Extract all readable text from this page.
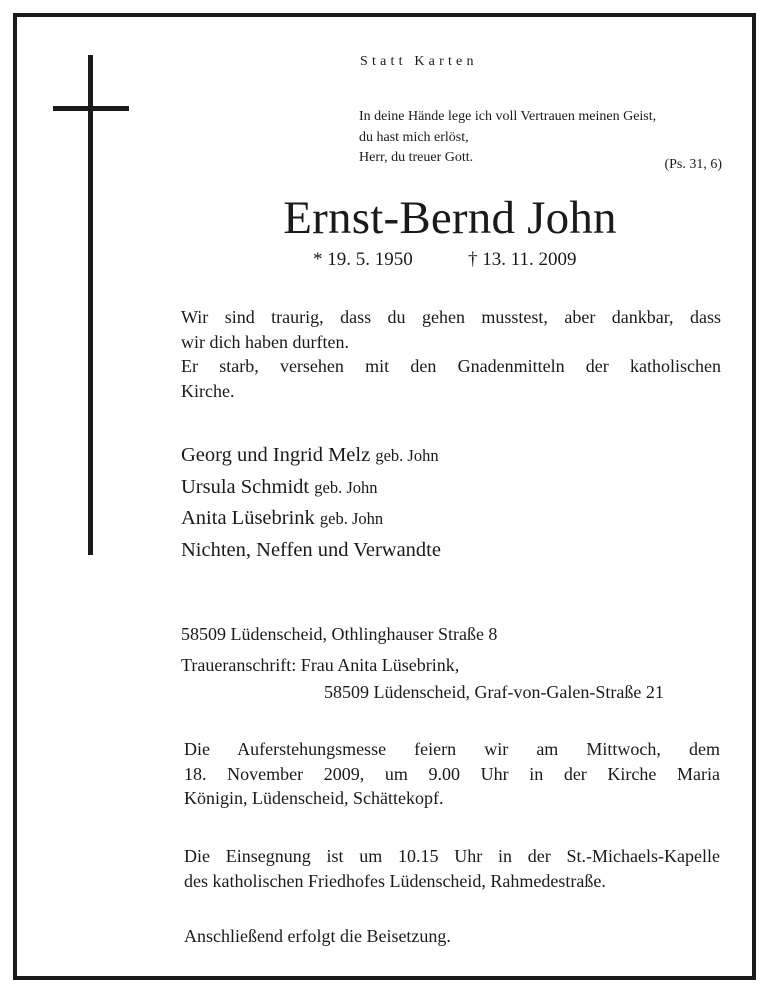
Statt Karten
In deine Hände lege ich voll Vertrauen meinen Geist,
du hast mich erlöst,
Herr, du treuer Gott.	(Ps. 31, 6)
Ernst-Bernd John
* 19. 5. 1950	† 13. 11. 2009
Wir sind traurig, dass du gehen musstest, aber dankbar, dass
wir dich haben durften.
Er starb, versehen mit den Gnadenmitteln der katholischen
Kirche.
Georg und Ingrid Melz geb. John
Ursula Schmidt geb. John
Anita Lüsebrink geb. John
Nichten, Neffen und Verwandte
58509 Lüdenscheid, Othlinghauser Straße 8
Traueranschrift: Frau Anita Lüsebrink,
58509 Lüdenscheid, Graf-von-Galen-Straße 21
Die Auferstehungsmesse feiern wir am Mittwoch, dem
18. November 2009, um 9.00 Uhr in der Kirche Maria
Königin, Lüdenscheid, Schättekopf.
Die Einsegnung ist um 10.15 Uhr in der St.-Michaels-Kapelle
des katholischen Friedhofes Lüdenscheid, Rahmedestraße.
Anschließend erfolgt die Beisetzung.
